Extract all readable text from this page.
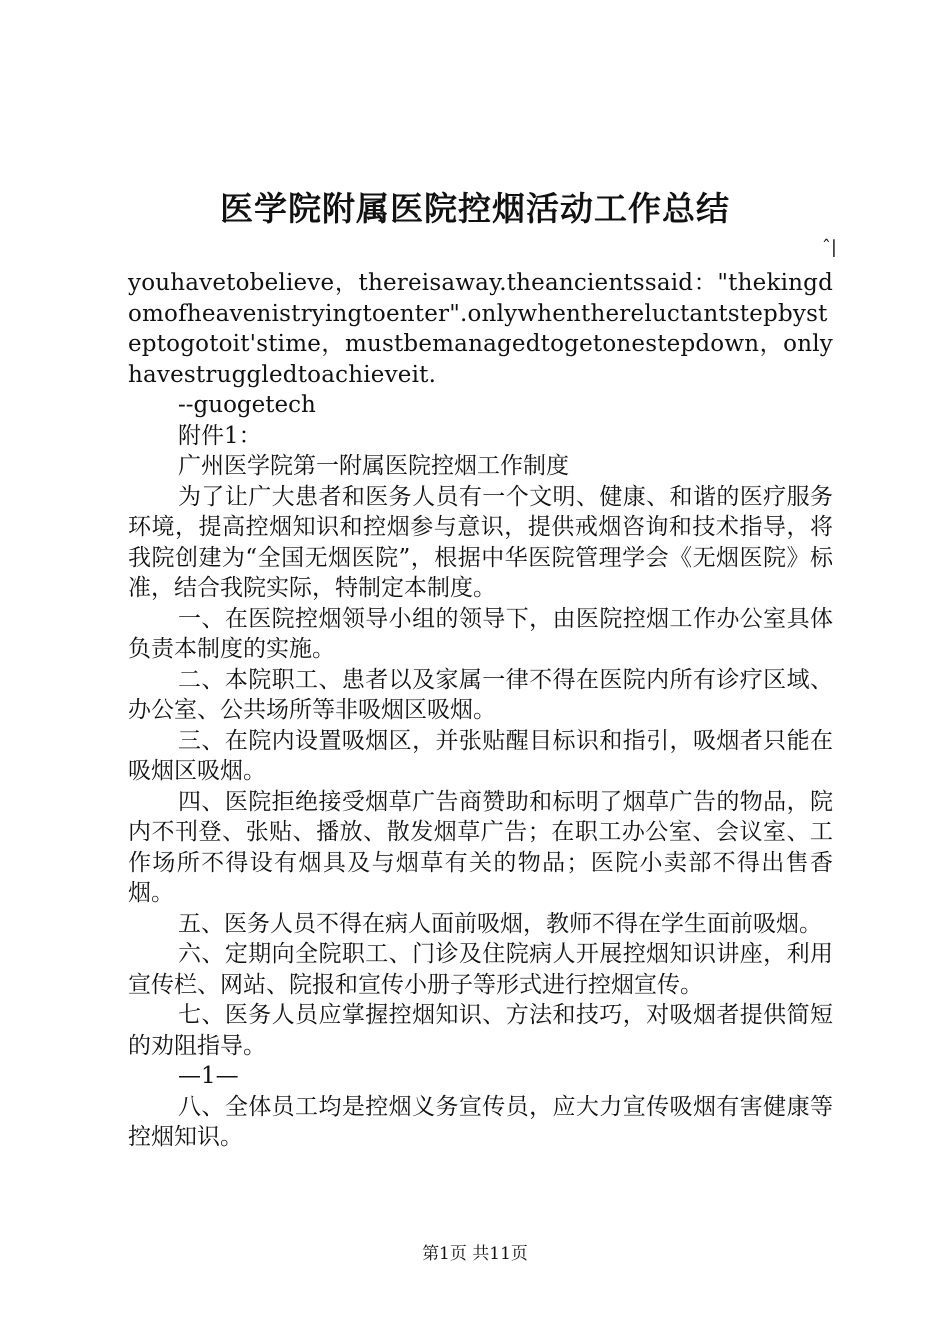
医学院附属医院控烟活动工作总结
ˆ|

youhavetobelieve，thereisaway.theancientssaid："thekingdomofheavenistryingtoenter".onlywhenthereluctantstepbysteptogotoit'stime，mustbemanagedtogetonestepdown，onlyhavestruggledtoachieveit.

--guogetech

附件1：

广州医学院第一附属医院控烟工作制度

为了让广大患者和医务人员有一个文明、健康、和谐的医疗服务环境，提高控烟知识和控烟参与意识，提供戒烟咨询和技术指导，将我院创建为“全国无烟医院”，根据中华医院管理学会《无烟医院》标准，结合我院实际，特制定本制度。

一、在医院控烟领导小组的领导下，由医院控烟工作办公室具体负责本制度的实施。

二、本院职工、患者以及家属一律不得在医院内所有诊疗区域、办公室、公共场所等非吸烟区吸烟。

三、在院内设置吸烟区，并张贴醒目标识和指引，吸烟者只能在吸烟区吸烟。

四、医院拒绝接受烟草广告商赞助和标明了烟草广告的物品，院内不刊登、张贴、播放、散发烟草广告；在职工办公室、会议室、工作场所不得设有烟具及与烟草有关的物品；医院小卖部不得出售香烟。

五、医务人员不得在病人面前吸烟，教师不得在学生面前吸烟。

六、定期向全院职工、门诊及住院病人开展控烟知识讲座，利用宣传栏、网站、院报和宣传小册子等形式进行控烟宣传。

七、医务人员应掌握控烟知识、方法和技巧，对吸烟者提供简短的劝阻指导。

—1—

八、全体员工均是控烟义务宣传员，应大力宣传吸烟有害健康等控烟知识。

第1页 共11页
